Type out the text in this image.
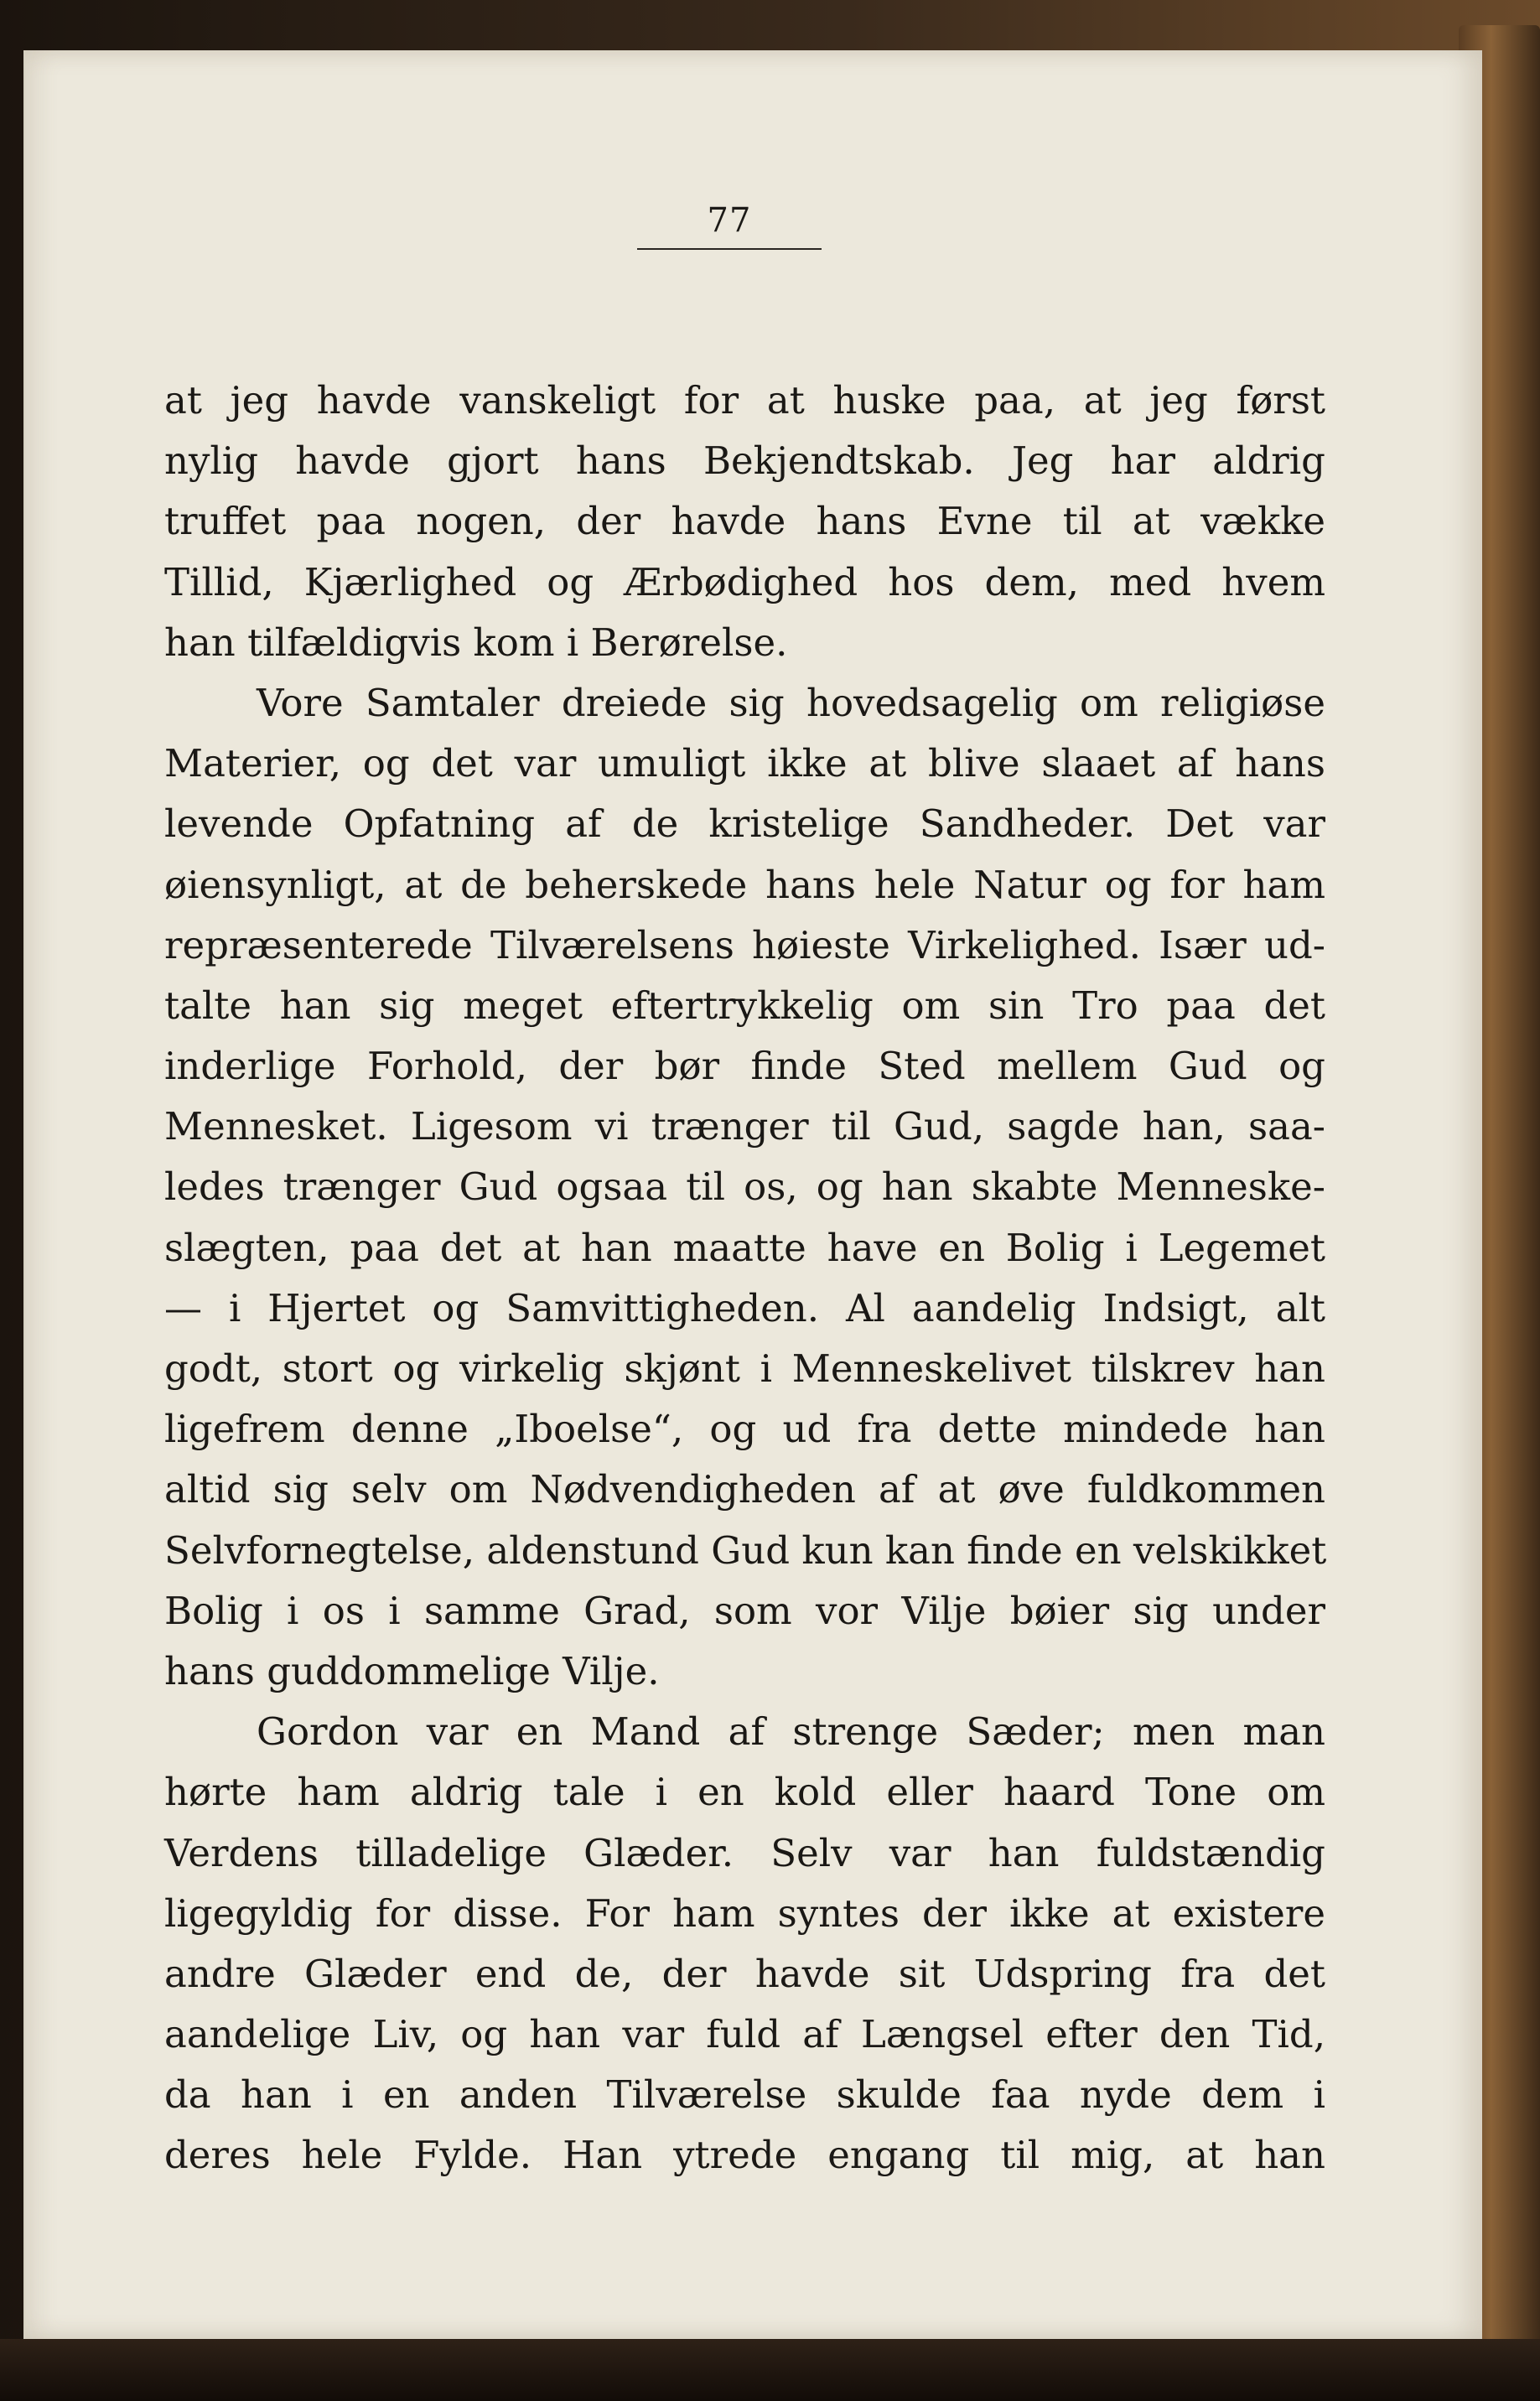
77
at jeg havde vanskeligt for at huske paa, at jeg først
nylig havde gjort hans Bekjendtskab. Jeg har aldrig
truffet paa nogen, der havde hans Evne til at vække
Tillid, Kjærlighed og Ærbødighed hos dem, med hvem
han tilfældigvis kom i Berørelse.
Vore Samtaler dreiede sig hovedsagelig om religiøse
Materier, og det var umuligt ikke at blive slaaet af hans
levende Opfatning af de kristelige Sandheder. Det var
øiensynligt, at de beherskede hans hele Natur og for ham
repræsenterede Tilværelsens høieste Virkelighed. Især ud-
talte han sig meget eftertrykkelig om sin Tro paa det
inderlige Forhold, der bør finde Sted mellem Gud og
Mennesket. Ligesom vi trænger til Gud, sagde han, saa-
ledes trænger Gud ogsaa til os, og han skabte Menneske-
slægten, paa det at han maatte have en Bolig i Legemet
— i Hjertet og Samvittigheden. Al aandelig Indsigt, alt
godt, stort og virkelig skjønt i Menneskelivet tilskrev han
ligefrem denne „Iboelse“, og ud fra dette mindede han
altid sig selv om Nødvendigheden af at øve fuldkommen
Selvfornegtelse, aldenstund Gud kun kan finde en velskikket
Bolig i os i samme Grad, som vor Vilje bøier sig under
hans guddommelige Vilje.
Gordon var en Mand af strenge Sæder; men man
hørte ham aldrig tale i en kold eller haard Tone om
Verdens tilladelige Glæder. Selv var han fuldstændig
ligegyldig for disse. For ham syntes der ikke at existere
andre Glæder end de, der havde sit Udspring fra det
aandelige Liv, og han var fuld af Længsel efter den Tid,
da han i en anden Tilværelse skulde faa nyde dem i
deres hele Fylde. Han ytrede engang til mig, at han
